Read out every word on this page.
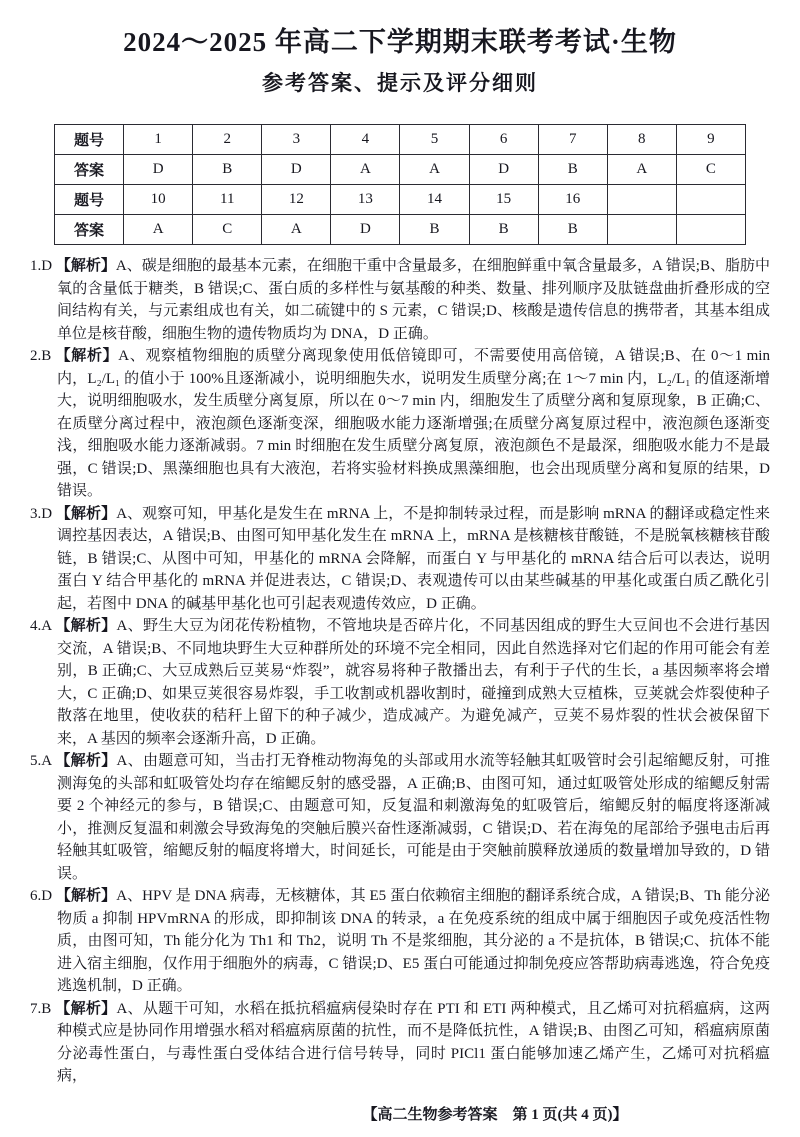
2024～2025 年高二下学期期末联考考试·生物
参考答案、提示及评分细则
题号	1	2	3	4	5	6	7	8	9
答案	D	B	D	A	A	D	B	A	C
题号	10	11	12	13	14	15	16		
答案	A	C	A	D	B	B	B		

1.D 【解析】A、碳是细胞的最基本元素，在细胞干重中含量最多，在细胞鲜重中氧含量最多，A 错误;B、脂肪中氧的含量低于糖类，B 错误;C、蛋白质的多样性与氨基酸的种类、数量、排列顺序及肽链盘曲折叠形成的空间结构有关，与元素组成也有关，如二硫键中的 S 元素，C 错误;D、核酸是遗传信息的携带者，其基本组成单位是核苷酸，细胞生物的遗传物质均为 DNA，D 正确。

2.B 【解析】A、观察植物细胞的质壁分离现象使用低倍镜即可，不需要使用高倍镜，A 错误;B、在 0～1 min 内，L₂/L₁ 的值小于 100%且逐渐减小，说明细胞失水，说明发生质壁分离;在 1～7 min 内，L₂/L₁ 的值逐渐增大，说明细胞吸水，发生质壁分离复原，所以在 0～7 min 内，细胞发生了质壁分离和复原现象，B 正确;C、在质壁分离过程中，液泡颜色逐渐变深，细胞吸水能力逐渐增强;在质壁分离复原过程中，液泡颜色逐渐变浅，细胞吸水能力逐渐减弱。7 min 时细胞在发生质壁分离复原，液泡颜色不是最深，细胞吸水能力不是最强，C 错误;D、黑藻细胞也具有大液泡，若将实验材料换成黑藻细胞，也会出现质壁分离和复原的结果，D 错误。

3.D 【解析】A、观察可知，甲基化是发生在 mRNA 上，不是抑制转录过程，而是影响 mRNA 的翻译或稳定性来调控基因表达，A 错误;B、由图可知甲基化发生在 mRNA 上，mRNA 是核糖核苷酸链，不是脱氧核糖核苷酸链，B 错误;C、从图中可知，甲基化的 mRNA 会降解，而蛋白 Y 与甲基化的 mRNA 结合后可以表达，说明蛋白 Y 结合甲基化的 mRNA 并促进表达，C 错误;D、表观遗传可以由某些碱基的甲基化或蛋白质乙酰化引起，若图中 DNA 的碱基甲基化也可引起表观遗传效应，D 正确。

4.A 【解析】A、野生大豆为闭花传粉植物，不管地块是否碎片化，不同基因组成的野生大豆间也不会进行基因交流，A 错误;B、不同地块野生大豆种群所处的环境不完全相同，因此自然选择对它们起的作用可能会有差别，B 正确;C、大豆成熟后豆荚易“炸裂”，就容易将种子散播出去，有利于子代的生长，a 基因频率将会增大，C 正确;D、如果豆荚很容易炸裂，手工收割或机器收割时，碰撞到成熟大豆植株，豆荚就会炸裂使种子散落在地里，使收获的秸秆上留下的种子减少，造成减产。为避免减产，豆荚不易炸裂的性状会被保留下来，A 基因的频率会逐渐升高，D 正确。

5.A 【解析】A、由题意可知，当击打无脊椎动物海兔的头部或用水流等轻触其虹吸管时会引起缩鳃反射，可推测海兔的头部和虹吸管处均存在缩鳃反射的感受器，A 正确;B、由图可知，通过虹吸管处形成的缩鳃反射需要 2 个神经元的参与，B 错误;C、由题意可知，反复温和刺激海兔的虹吸管后，缩鳃反射的幅度将逐渐减小，推测反复温和刺激会导致海兔的突触后膜兴奋性逐渐减弱，C 错误;D、若在海兔的尾部给予强电击后再轻触其虹吸管，缩鳃反射的幅度将增大，时间延长，可能是由于突触前膜释放递质的数量增加导致的，D 错误。

6.D 【解析】A、HPV 是 DNA 病毒，无核糖体，其 E5 蛋白依赖宿主细胞的翻译系统合成，A 错误;B、Th 能分泌物质 a 抑制 HPVmRNA 的形成，即抑制该 DNA 的转录，a 在免疫系统的组成中属于细胞因子或免疫活性物质，由图可知，Th 能分化为 Th1 和 Th2，说明 Th 不是浆细胞，其分泌的 a 不是抗体，B 错误;C、抗体不能进入宿主细胞，仅作用于细胞外的病毒，C 错误;D、E5 蛋白可能通过抑制免疫应答帮助病毒逃逸，符合免疫逃逸机制，D 正确。

7.B 【解析】A、从题干可知，水稻在抵抗稻瘟病侵染时存在 PTI 和 ETI 两种模式，且乙烯可对抗稻瘟病，这两种模式应是协同作用增强水稻对稻瘟病原菌的抗性，而不是降低抗性，A 错误;B、由图乙可知，稻瘟病原菌分泌毒性蛋白，与毒性蛋白受体结合进行信号转导，同时 PICl1 蛋白能够加速乙烯产生，乙烯可对抗稻瘟病，

【高二生物参考答案　第 1 页(共 4 页)】
